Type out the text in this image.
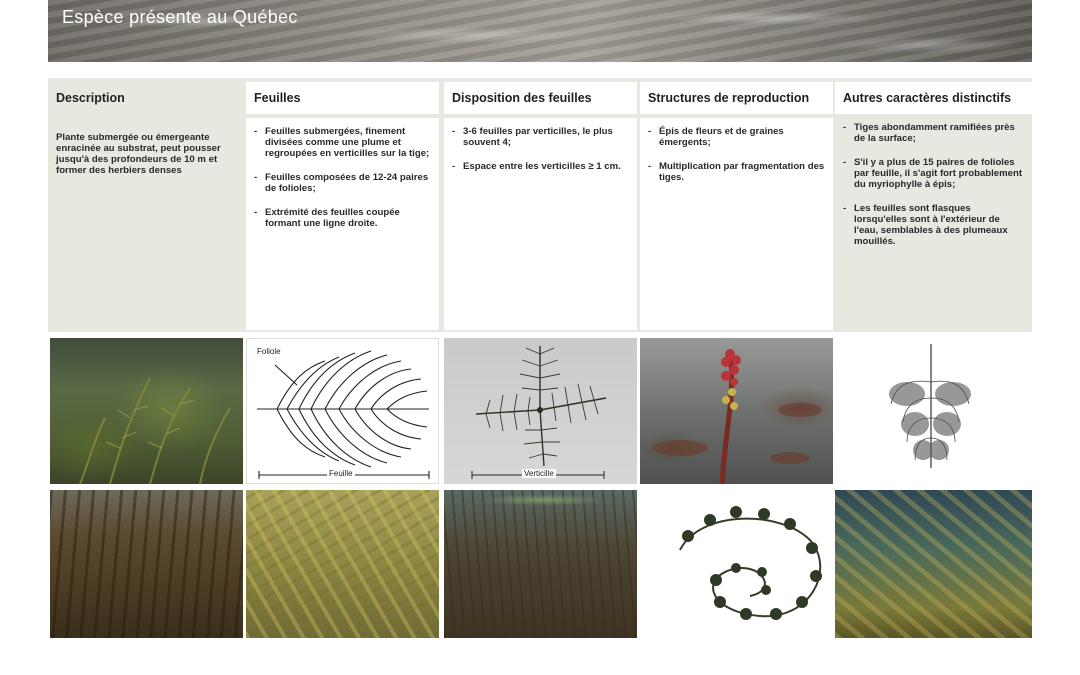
Espèce présente au Québec
Description

Plante submergée ou émergeante enracinée au substrat, peut pousser jusqu'à des profondeurs de 10 m et former des herbiers denses

Feuilles
- Feuilles submergées, finement divisées comme une plume et regroupées en verticilles sur la tige;
- Feuilles composées de 12-24 paires de folioles;
- Extrémité des feuilles coupée formant une ligne droite.
Disposition des feuilles
- 3-6 feuilles par verticilles, le plus souvent 4;
- Espace entre les verticilles ≥ 1 cm.
Structures de reproduction
- Épis de fleurs et de graines émergents;
- Multiplication par fragmentation des tiges.
Autres caractères distinctifs
- Tiges abondamment ramifiées près de la surface;
- S'il y a plus de 15 paires de folioles par feuille, il s'agit fort probablement du myriophylle à épis;
- Les feuilles sont flasques lorsqu'elles sont à l'extérieur de l'eau, semblables à des plumeaux mouillés.
Foliole
Feuille	Verticille
